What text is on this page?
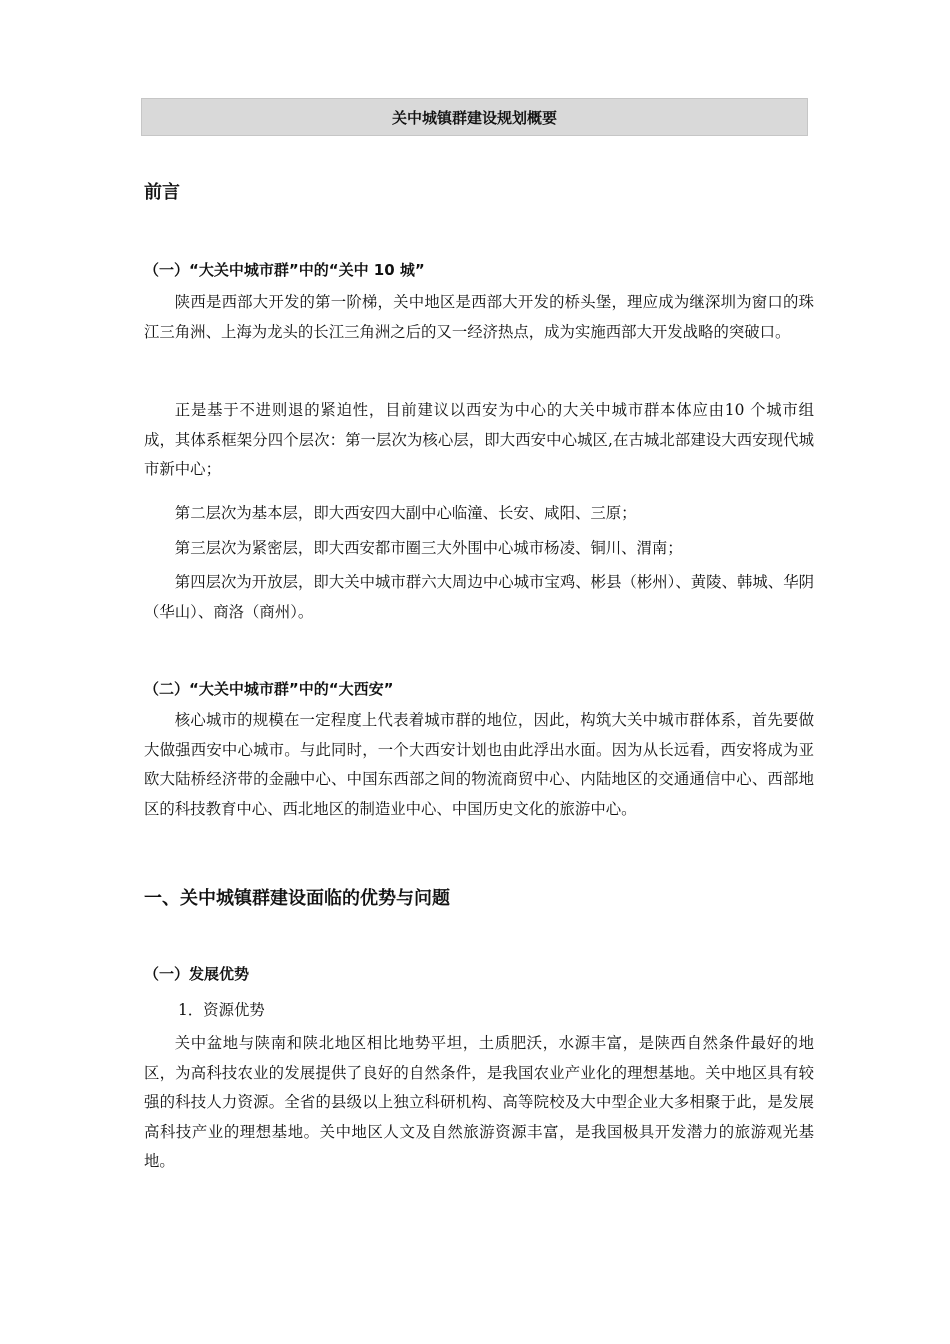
关中城镇群建设规划概要
前言
（一）“大关中城市群”中的“关中 10 城”

陕西是西部大开发的第一阶梯，关中地区是西部大开发的桥头堡，理应成为继深圳为窗口的珠江三角洲、上海为龙头的长江三角洲之后的又一经济热点，成为实施西部大开发战略的突破口。

正是基于不进则退的紧迫性，目前建议以西安为中心的大关中城市群本体应由10 个城市组成，其体系框架分四个层次：第一层次为核心层，即大西安中心城区,在古城北部建设大西安现代城市新中心；

第二层次为基本层，即大西安四大副中心临潼、长安、咸阳、三原；

第三层次为紧密层，即大西安都市圈三大外围中心城市杨凌、铜川、渭南；

第四层次为开放层，即大关中城市群六大周边中心城市宝鸡、彬县（彬州）、黄陵、韩城、华阴（华山）、商洛（商州）。

（二）“大关中城市群”中的“大西安”

核心城市的规模在一定程度上代表着城市群的地位，因此，构筑大关中城市群体系，首先要做大做强西安中心城市。与此同时，一个大西安计划也由此浮出水面。因为从长远看，西安将成为亚欧大陆桥经济带的金融中心、中国东西部之间的物流商贸中心、内陆地区的交通通信中心、西部地区的科技教育中心、西北地区的制造业中心、中国历史文化的旅游中心。

一、关中城镇群建设面临的优势与问题
（一）发展优势
1．资源优势

关中盆地与陕南和陕北地区相比地势平坦，土质肥沃，水源丰富，是陕西自然条件最好的地区，为高科技农业的发展提供了良好的自然条件，是我国农业产业化的理想基地。关中地区具有较强的科技人力资源。全省的县级以上独立科研机构、高等院校及大中型企业大多相聚于此，是发展高科技产业的理想基地。关中地区人文及自然旅游资源丰富，是我国极具开发潜力的旅游观光基地。
